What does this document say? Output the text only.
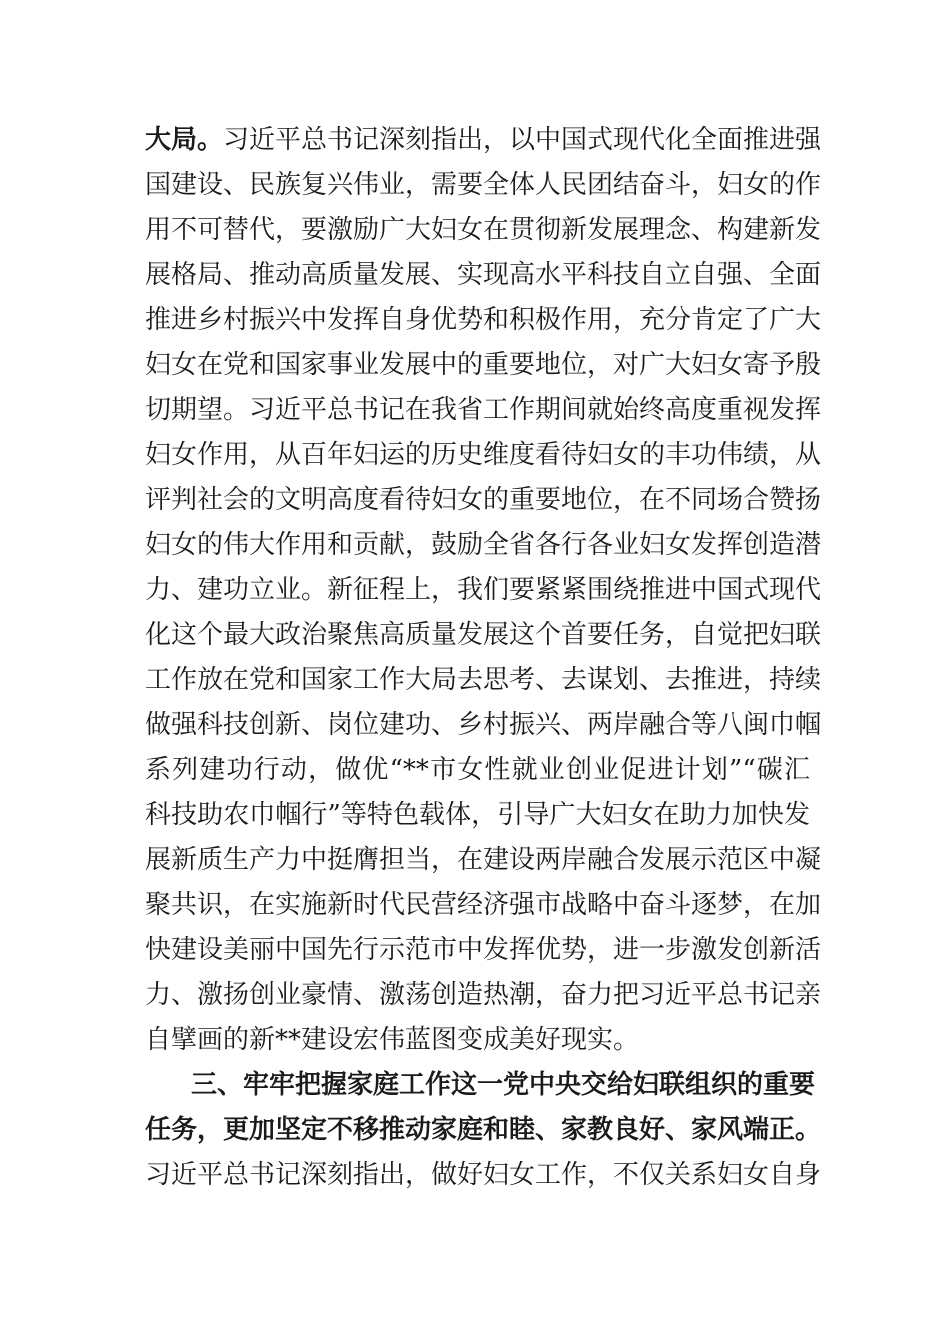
大局。习近平总书记深刻指出，以中国式现代化全面推进强
国建设、民族复兴伟业，需要全体人民团结奋斗，妇女的作
用不可替代，要激励广大妇女在贯彻新发展理念、构建新发
展格局、推动高质量发展、实现高水平科技自立自强、全面
推进乡村振兴中发挥自身优势和积极作用，充分肯定了广大
妇女在党和国家事业发展中的重要地位，对广大妇女寄予殷
切期望。习近平总书记在我省工作期间就始终高度重视发挥
妇女作用，从百年妇运的历史维度看待妇女的丰功伟绩，从
评判社会的文明高度看待妇女的重要地位，在不同场合赞扬
妇女的伟大作用和贡献，鼓励全省各行各业妇女发挥创造潜
力、建功立业。新征程上，我们要紧紧围绕推进中国式现代
化这个最大政治聚焦高质量发展这个首要任务，自觉把妇联
工作放在党和国家工作大局去思考、去谋划、去推进，持续
做强科技创新、岗位建功、乡村振兴、两岸融合等八闽巾帼
系列建功行动，做优“**市女性就业创业促进计划”“碳汇
科技助农巾帼行”等特色载体，引导广大妇女在助力加快发
展新质生产力中挺膺担当，在建设两岸融合发展示范区中凝
聚共识，在实施新时代民营经济强市战略中奋斗逐梦，在加
快建设美丽中国先行示范市中发挥优势，进一步激发创新活
力、激扬创业豪情、激荡创造热潮，奋力把习近平总书记亲
自擘画的新**建设宏伟蓝图变成美好现实。
三、牢牢把握家庭工作这一党中央交给妇联组织的重要
任务，更加坚定不移推动家庭和睦、家教良好、家风端正。
习近平总书记深刻指出，做好妇女工作，不仅关系妇女自身
